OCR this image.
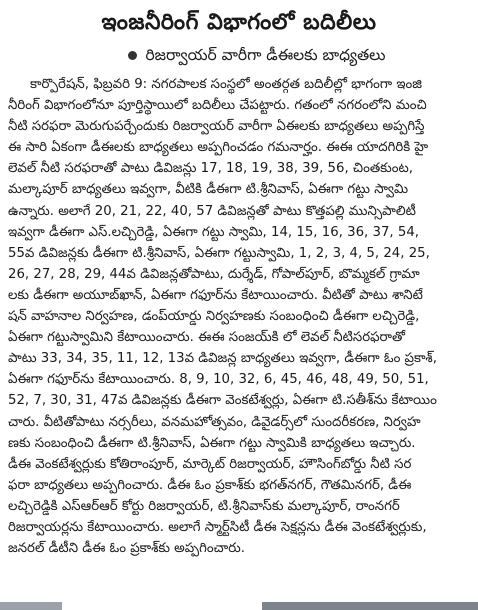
ఇంజనీరింగ్ విభాగంలో బదిలీలు
రిజర్వాయర్ వారీగా డీఈలకు బాధ్యతలు
కార్పొరేషన్, ఫిబ్రవరి 9: నగరపాలక సంస్థలో అంతర్గత బదిలీల్లో భాగంగా ఇంజి
నీరింగ్ విభాగంలోనూ పూర్తిస్థాయిలో బదిలీలు చేపట్టారు. గతంలో నగరంలోని మంచి
నీటి సరఫరా మెరుగుపర్చేందుకు రిజర్వాయర్ వారీగా ఏఈలకు బాధ్యతలు అప్పగిస్తే
ఈ సారి ఏకంగా డీఈలకు బాధ్యతలు అప్పగించడం గమనార్హం. ఈఈ యాదగిరికి హై
లెవల్ నీటి సరఫరాతో పాటు డివిజన్లు 17, 18, 19, 38, 39, 56, చింతకుంట,
మల్కాపూర్ బాధ్యతలు ఇవ్వగా, వీటికి డీఈగా టి.శ్రీనివాస్, ఏఈగా గట్టు స్వామి
ఉన్నారు. అలాగే 20, 21, 22, 40, 57 డివిజన్లతో పాటు కొత్తపల్లి మున్సిపాలిటీ
ఇవ్వగా డీఈగా ఎస్.లచ్చిరెడ్డి, ఏఈగా గట్టు స్వామి, 14, 15, 16, 36, 37, 54,
55వ డివిజన్లకు డీఈగా టి.శ్రీనివాస్, ఏఈగా గట్టుస్వామి, 1, 2, 3, 4, 5, 24, 25,
26, 27, 28, 29, 44వ డివిజన్లతోపాటు, దుర్శేడ్, గోపాల్‌పూర్, బొమ్మకల్ గ్రామా
లకు డీఈగా అయూబ్‌ఖాన్, ఏఈగా గఫూర్‌ను కేటాయించారు. వీటితో పాటు శానిటే
షన్ వాహనాల నిర్వహణ, డంప్‌యార్డు నిర్వహణకు సంబంధించి డీఈగా లచ్చిరెడ్డి,
ఏఈగా గట్టుస్వామిని కేటాయించారు. ఈఈ సంజయ్‌కి లో లెవల్ నీటిసరఫరాతో
పాటు 33, 34, 35, 11, 12, 13వ డివిజన్ల బాధ్యతలు ఇవ్వగా, డీఈగా ఓం ప్రకాశ్,
ఏఈగా గఫూర్‌ను కేటాయించారు. 8, 9, 10, 32, 6, 45, 46, 48, 49, 50, 51,
52, 7, 30, 31, 47వ డివిజన్లకు డీఈగా వెంకటేశ్వర్లు, ఏఈగా టి.సతీశ్‌ను కేటాయిం
చారు. వీటితోపాటు నర్సరీలు, వనమహోత్సవం, డివైడర్స్‌లో సుందరీకరణ, నిర్వహ
ణకు సంబంధించి డీఈగా టి.శ్రీనివాస్, ఏఈగా గట్టు స్వామికి బాధ్యతలు ఇచ్చారు.
డీఈ వెంకటేశ్వర్లుకు కోతిరాంపూర్, మార్కెట్ రిజర్వాయర్, హౌసింగ్‌బోర్డు నీటి సర
ఫరా బాధ్యతలు అప్పగించారు. డీఈ ఓం ప్రకాశ్‌కు భగత్‌నగర్, గౌతమినగర్, డీఈ
లచ్చిరెడ్డికి ఎస్ఆర్ఆర్ కోర్టు రిజర్వాయర్, టి.శ్రీనివాస్‌కు మల్కాపూర్, రాంనగర్
రిజర్వాయర్లను కేటాయించారు. అలాగే స్మార్ట్‌సిటీ డీఈ సెక్షన్లను డీఈ వెంకటేశ్వర్లుకు,
జనరల్ డీటీని డీఈ ఓం ప్రకాశ్‌కు అప్పగించారు.
